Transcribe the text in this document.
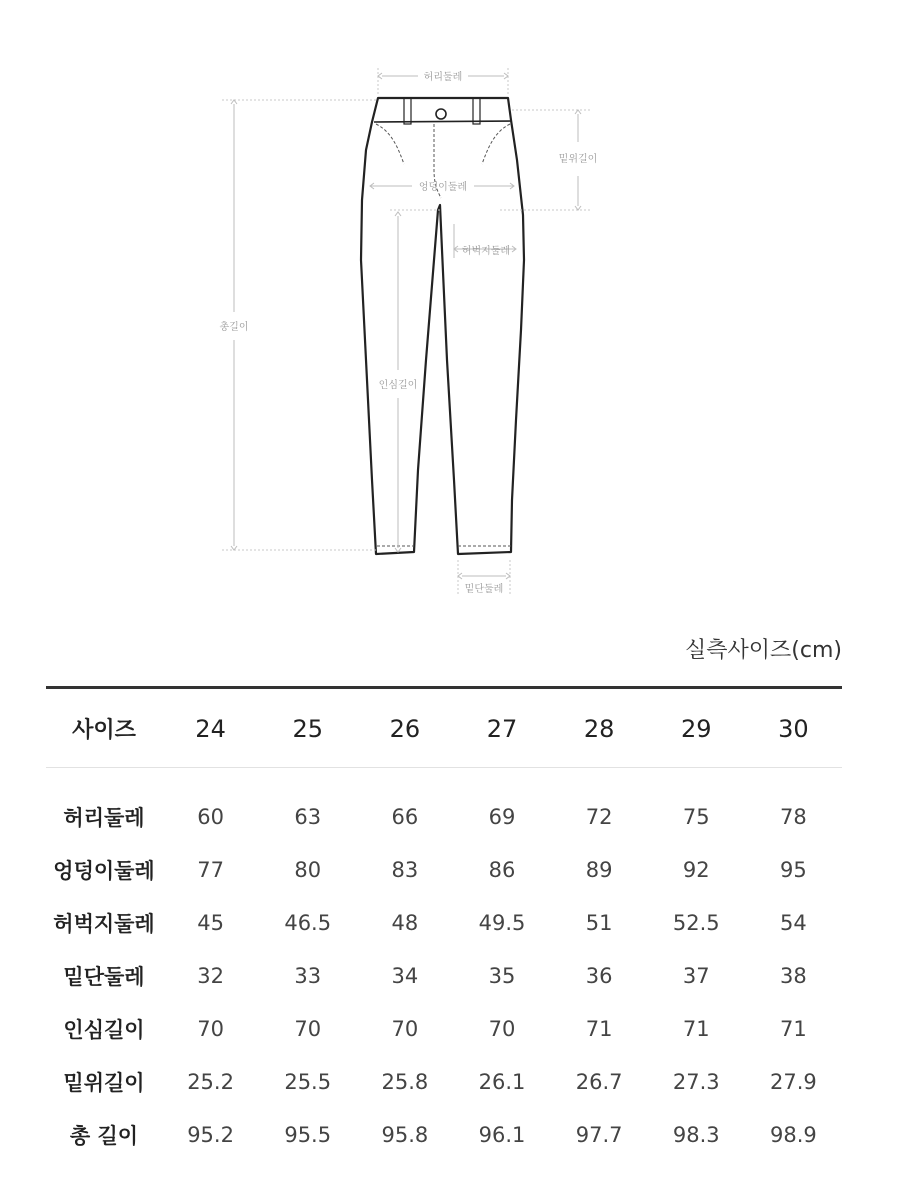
허리둘레
밑위길이
엉덩이둘레
허벅지둘레
총길이
인심길이
밑단둘레
실측사이즈(cm)
사이즈	24	25	26	27	28	29	30

허리둘레	60	63	66	69	72	75	78
엉덩이둘레	77	80	83	86	89	92	95
허벅지둘레	45	46.5	48	49.5	51	52.5	54
밑단둘레	32	33	34	35	36	37	38
인심길이	70	70	70	70	71	71	71
밑위길이	25.2	25.5	25.8	26.1	26.7	27.3	27.9
총 길이	95.2	95.5	95.8	96.1	97.7	98.3	98.9
